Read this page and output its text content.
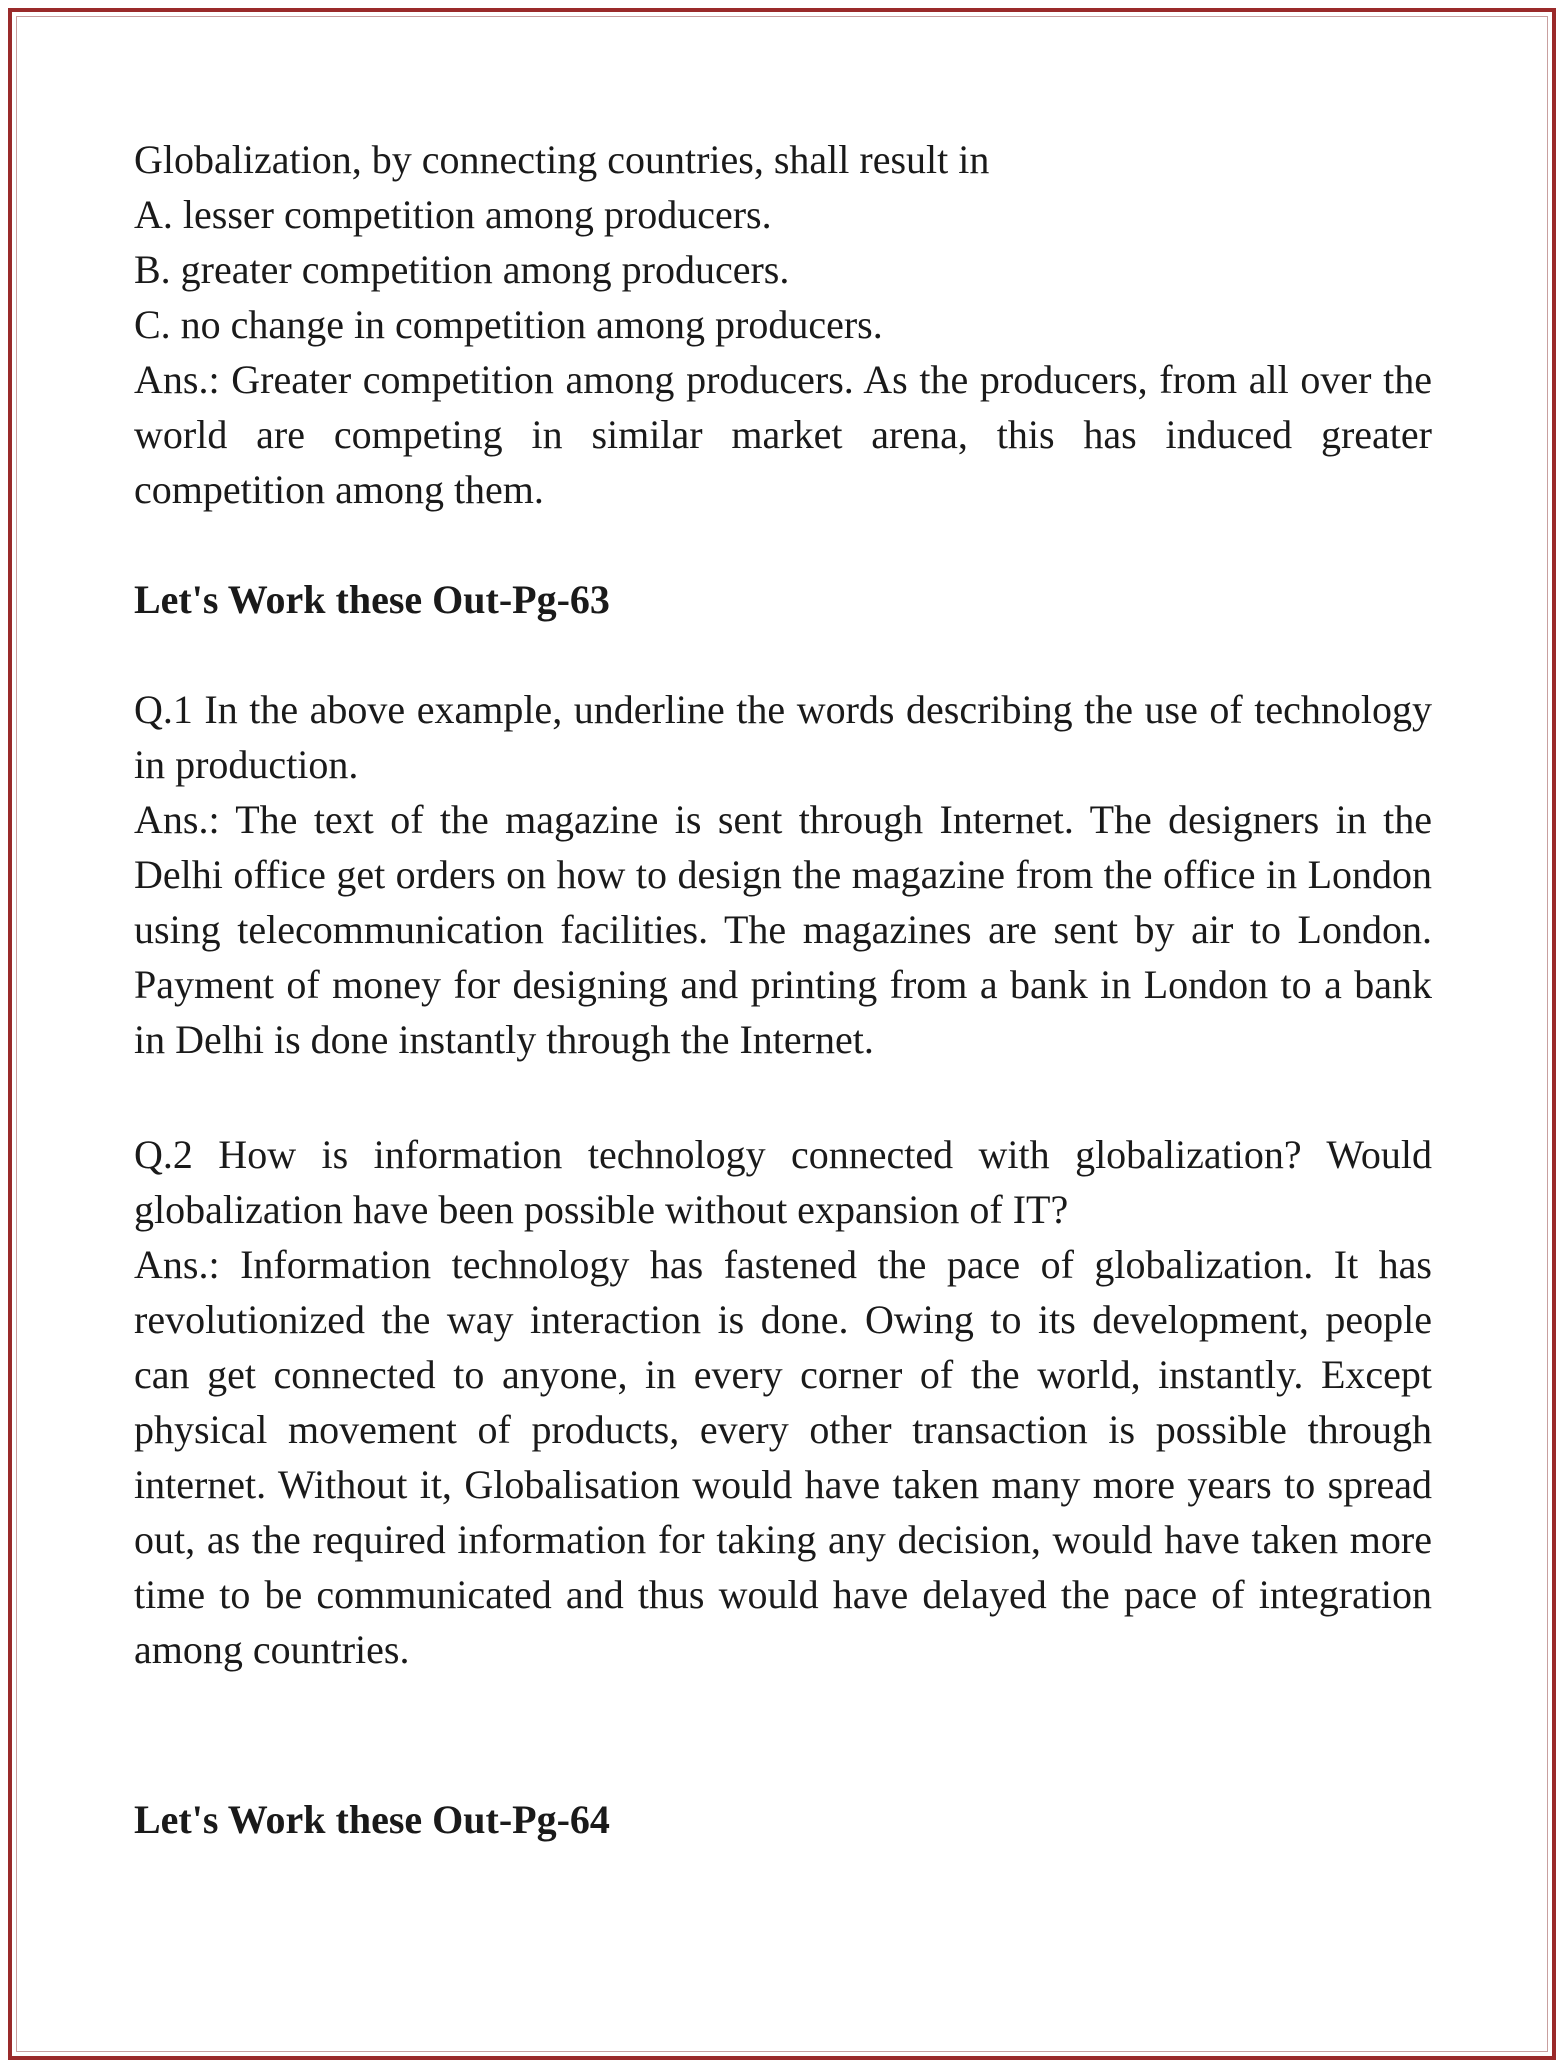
Globalization, by connecting countries, shall result in

A. lesser competition among producers.
B. greater competition among producers.
C. no change in competition among producers.

Ans.: Greater competition among producers. As the producers, from all over the world are competing in similar market arena, this has induced greater competition among them.

Let's Work these Out-Pg-63

Q.1 In the above example, underline the words describing the use of technology in production.

Ans.: The text of the magazine is sent through Internet. The designers in the Delhi office get orders on how to design the magazine from the office in London using telecommunication facilities. The magazines are sent by air to London. Payment of money for designing and printing from a bank in London to a bank in Delhi is done instantly through the Internet.

Q.2 How is information technology connected with globalization? Would globalization have been possible without expansion of IT?

Ans.: Information technology has fastened the pace of globalization. It has revolutionized the way interaction is done. Owing to its development, people can get connected to anyone, in every corner of the world, instantly. Except physical movement of products, every other transaction is possible through internet. Without it, Globalisation would have taken many more years to spread out, as the required information for taking any decision, would have taken more time to be communicated and thus would have delayed the pace of integration among countries.

Let's Work these Out-Pg-64
